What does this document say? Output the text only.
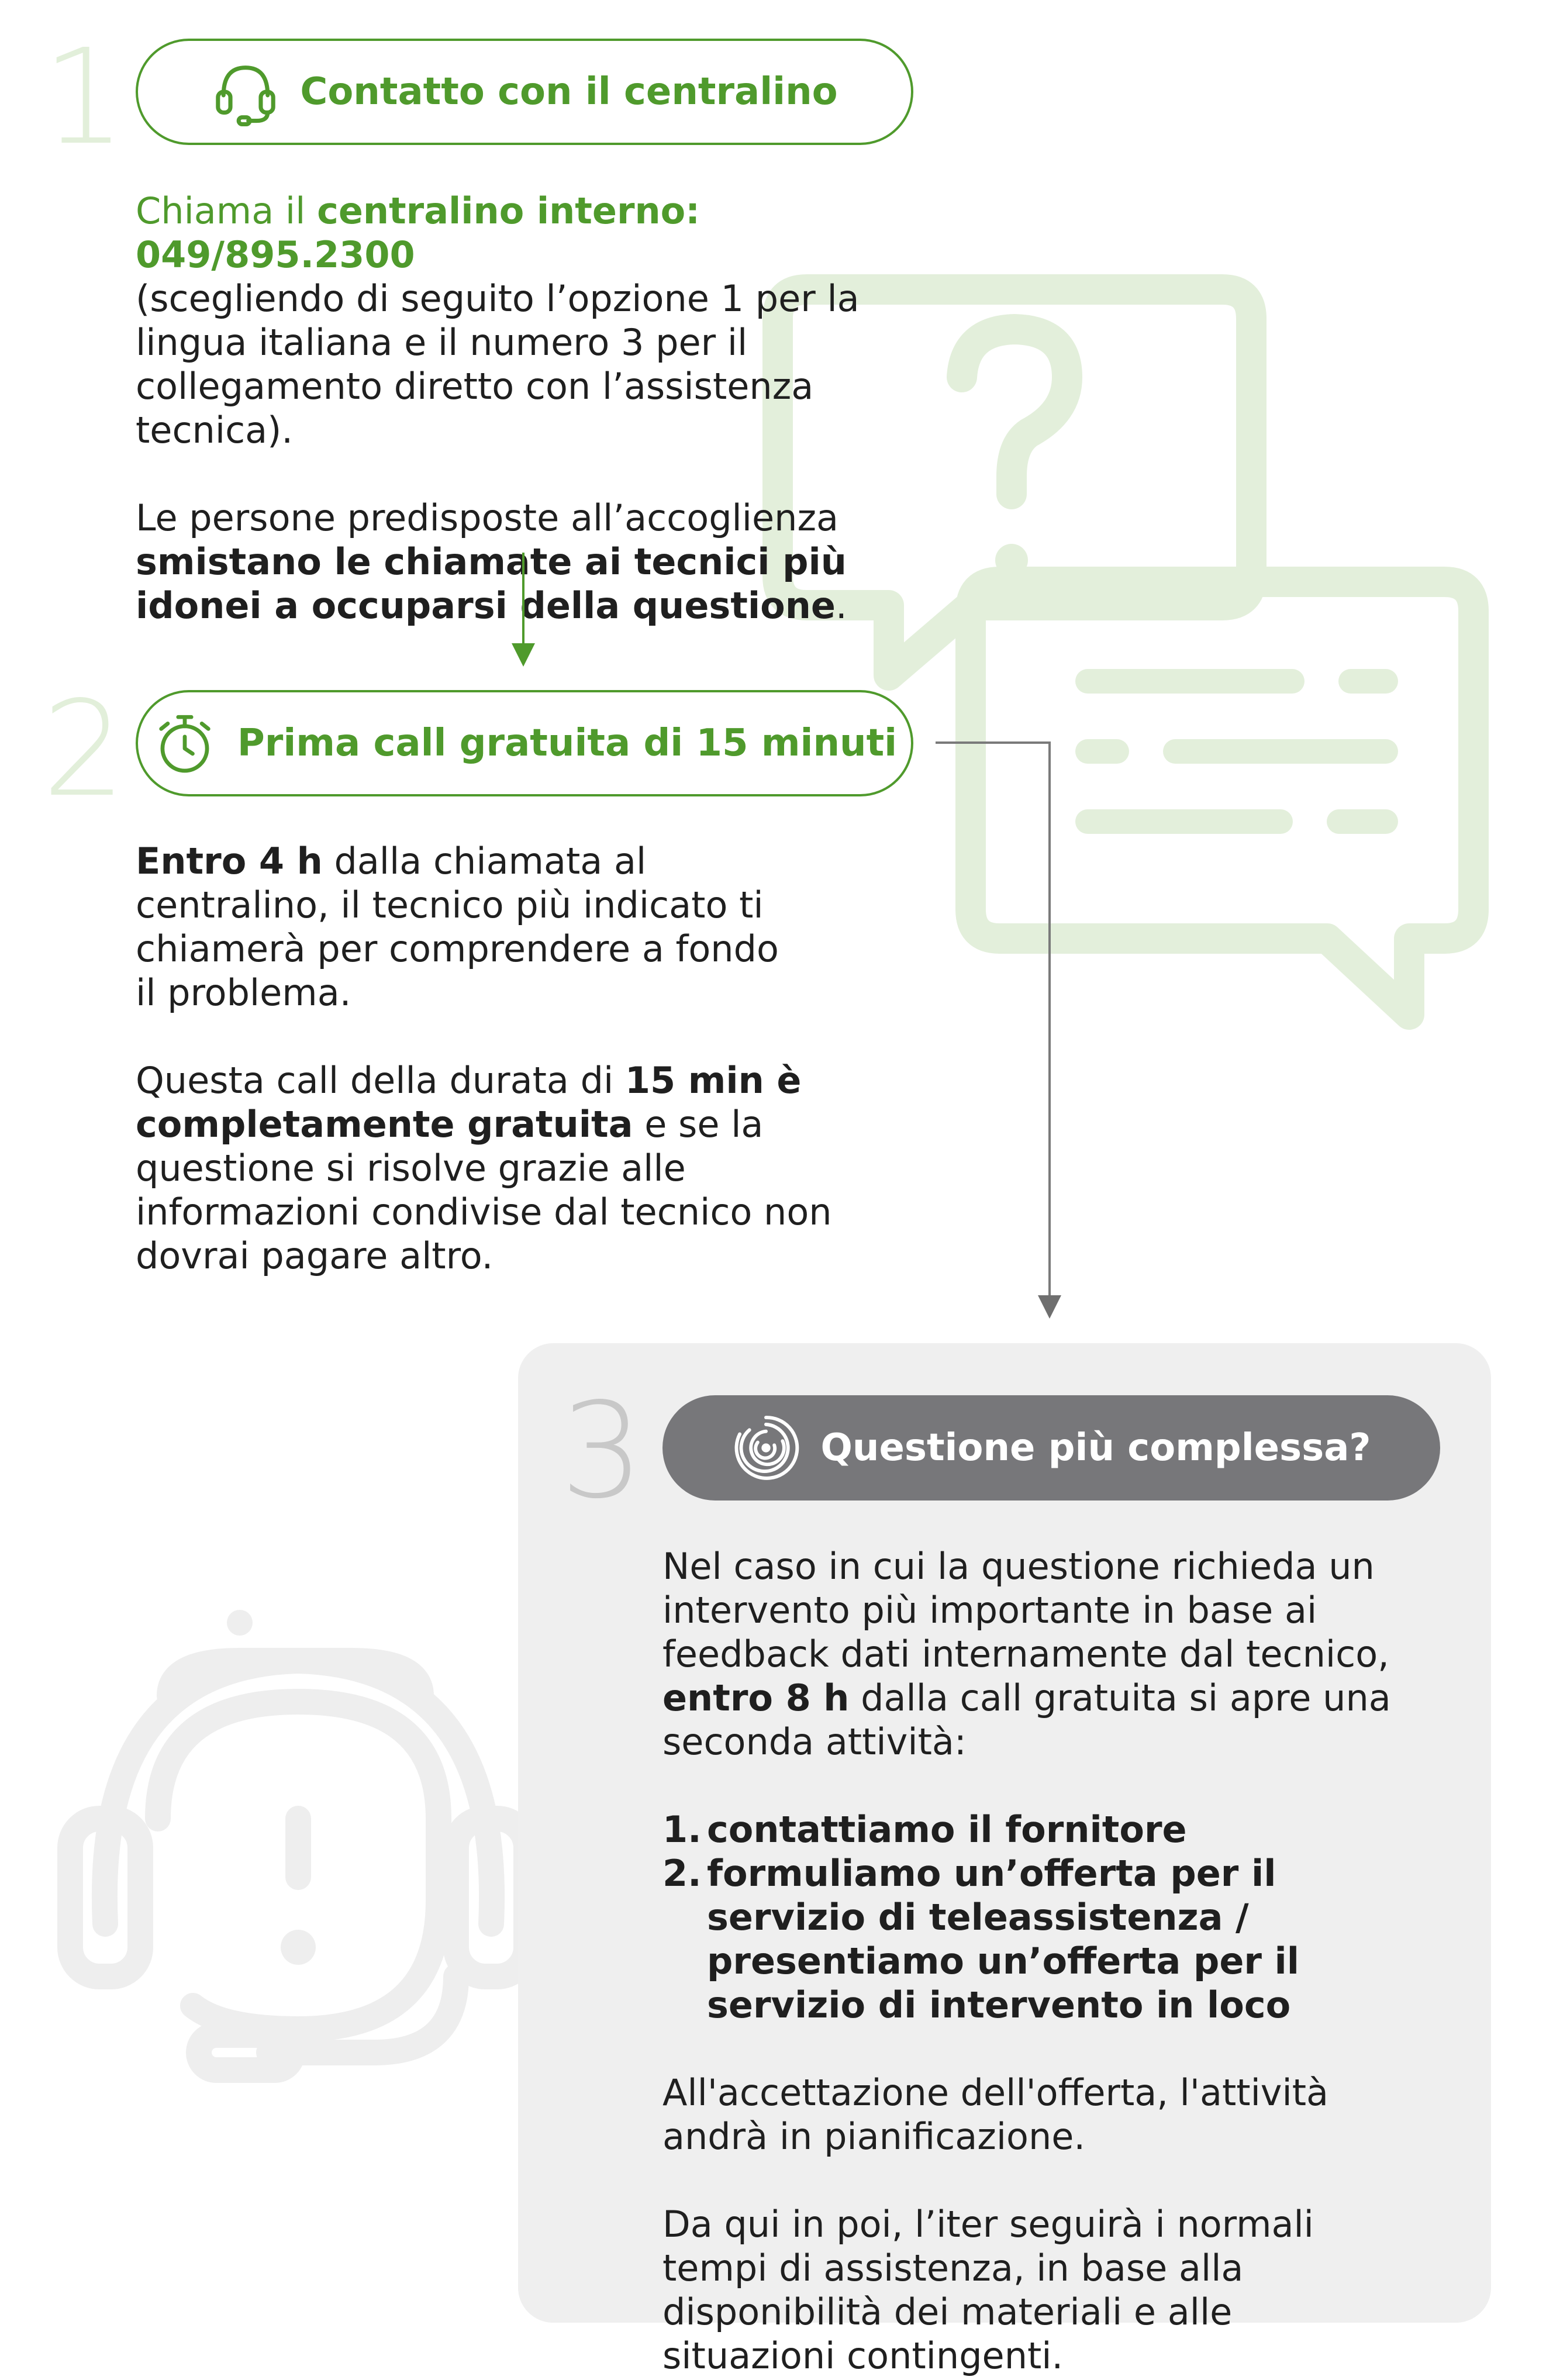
1	Contatto con il centralino

Chiama il centralino interno: 049/895.2300
(scegliendo di seguito l’opzione 1 per la lingua italiana e il numero 3 per il collegamento diretto con l’assistenza tecnica).

Le persone predisposte all’accoglienza
smistano le chiamate ai tecnici più idonei a occuparsi della questione.

2	Prima call gratuita di 15 minuti

Entro 4 h dalla chiamata al centralino, il tecnico più indicato ti chiamerà per comprendere a fondo il problema.

Questa call della durata di 15 min è completamente gratuita e se la questione si risolve grazie alle informazioni condivise dal tecnico non dovrai pagare altro.

3	Questione più complessa?

Nel caso in cui la questione richieda un intervento più importante in base ai feedback dati internamente dal tecnico, entro 8 h dalla call gratuita si apre una seconda attività:

1. contattiamo il fornitore
2. formuliamo un’offerta per il servizio di teleassistenza / presentiamo un’offerta per il servizio di intervento in loco

All'accettazione dell'offerta, l'attività andrà in pianificazione.

Da qui in poi, l’iter seguirà i normali tempi di assistenza, in base alla disponibilità dei materiali e alle situazioni contingenti.
